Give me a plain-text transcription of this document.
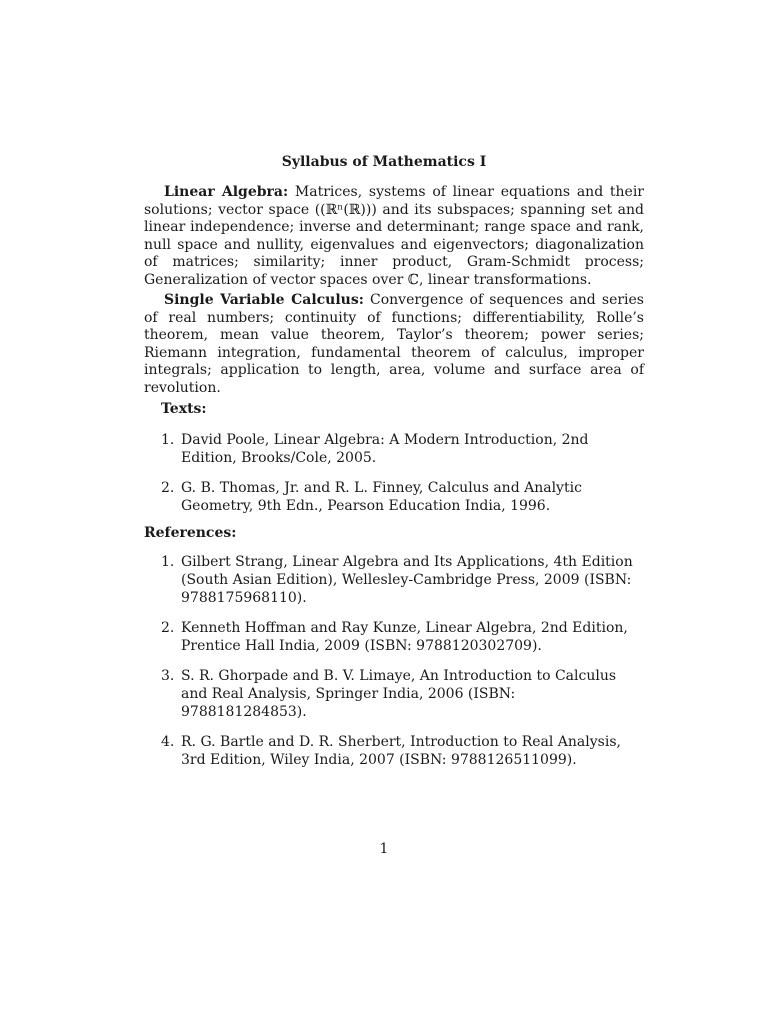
Syllabus of Mathematics I

Linear Algebra: Matrices, systems of linear equations and their solutions; vector space ((ℝⁿ(ℝ))) and its subspaces; spanning set and linear independence; inverse and determinant; range space and rank, null space and nullity, eigenvalues and eigenvectors; diagonalization of matrices; similarity; inner product, Gram-Schmidt process; Generalization of vector spaces over ℂ, linear transformations.

Single Variable Calculus: Convergence of sequences and series of real numbers; continuity of functions; differentiability, Rolle’s theorem, mean value theorem, Taylor’s theorem; power series; Riemann integration, fundamental theorem of calculus, improper integrals; application to length, area, volume and surface area of revolution.

Texts:
1. David Poole, Linear Algebra: A Modern Introduction, 2nd Edition, Brooks/Cole, 2005.
2. G. B. Thomas, Jr. and R. L. Finney, Calculus and Analytic Geometry, 9th Edn., Pearson Education India, 1996.
References:
1. Gilbert Strang, Linear Algebra and Its Applications, 4th Edition (South Asian Edition), Wellesley-Cambridge Press, 2009 (ISBN: 9788175968110).
2. Kenneth Hoffman and Ray Kunze, Linear Algebra, 2nd Edition, Prentice Hall India, 2009 (ISBN: 9788120302709).
3. S. R. Ghorpade and B. V. Limaye, An Introduction to Calculus and Real Analysis, Springer India, 2006 (ISBN: 9788181284853).
4. R. G. Bartle and D. R. Sherbert, Introduction to Real Analysis, 3rd Edition, Wiley India, 2007 (ISBN: 9788126511099).
1
